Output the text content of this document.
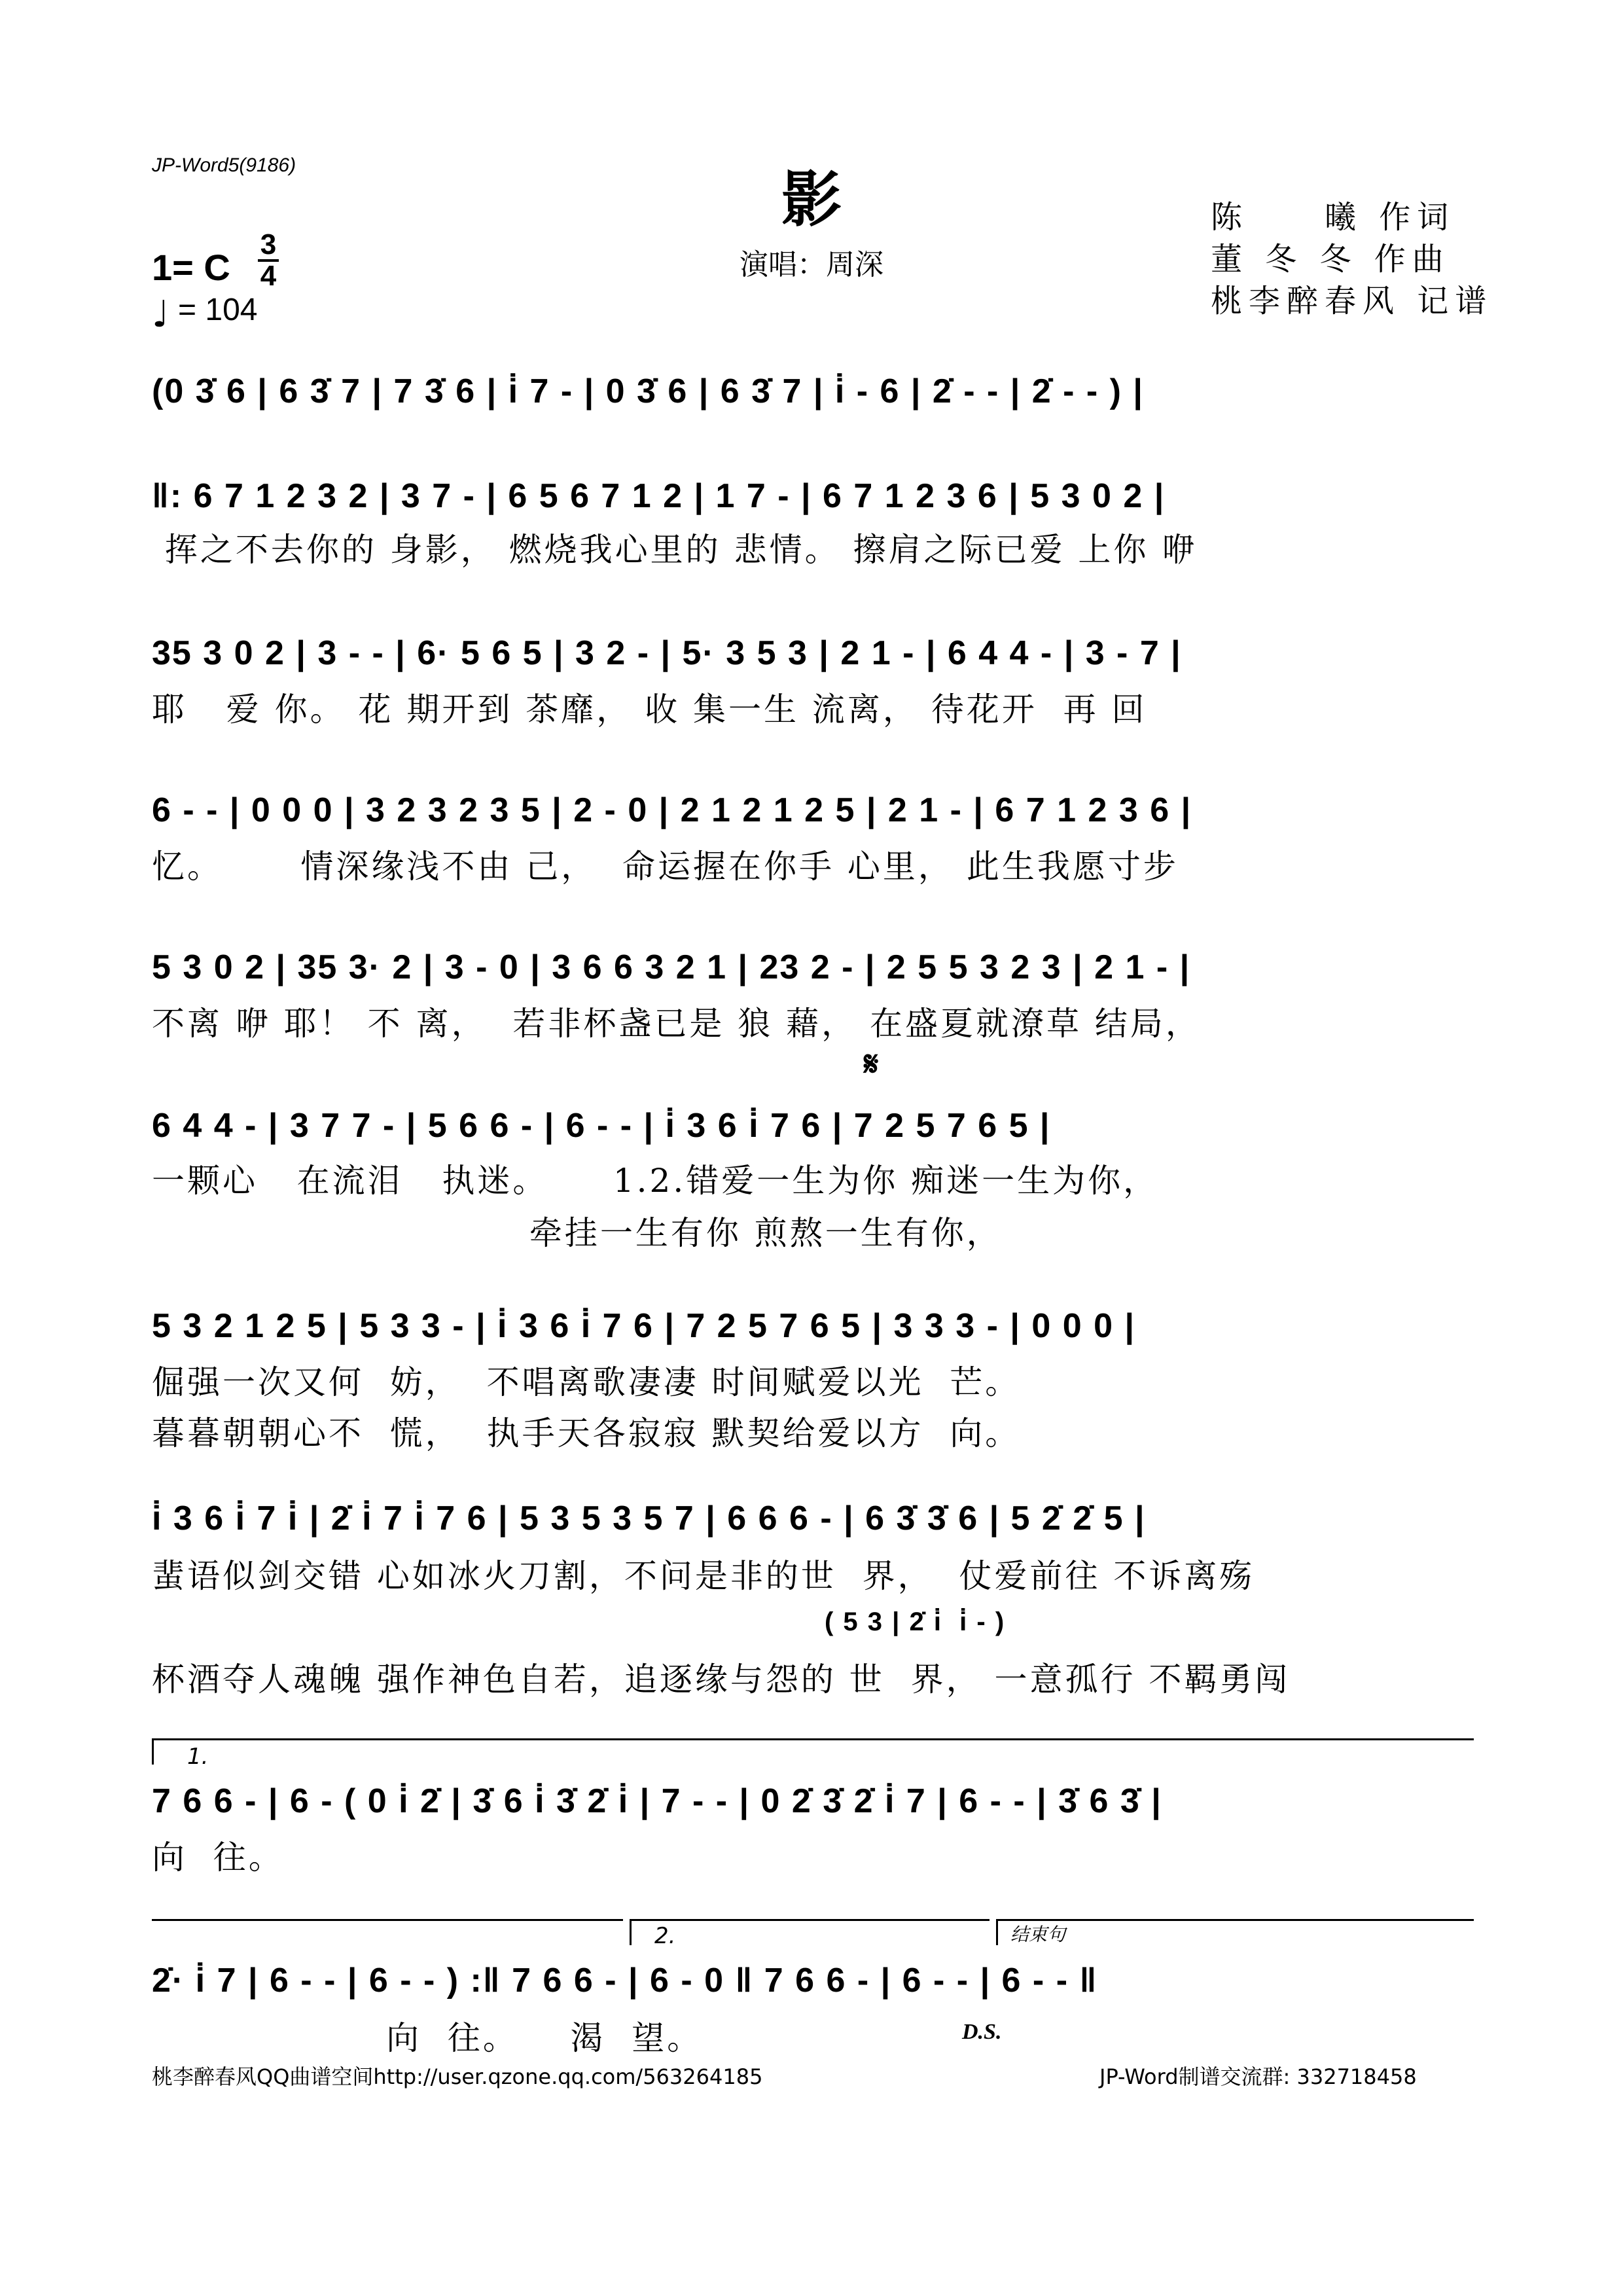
JP-Word5(9186)	影
演唱：周深
陈　　曦 作词
董 冬 冬 作曲
桃李醉春风 记谱
1= C
3
4
♩ = 104
(0 3̇ 6 | 6 3̇ 7 | 7 3̇ 6 | i̇ 7 - | 0 3̇ 6 | 6 3̇ 7 | i̇ - 6 | 2̇ - - | 2̇ - - ) |
‖: 6 7 1 2 3 2 | 3 7 - | 6 5 6 7 1 2 | 1 7 - | 6 7 1 2 3 6 | 5 3 0 2 |
挥之不去你的 身影， 燃烧我心里的 悲情。 擦肩之际已爱 上你 咿
35 3 0 2 | 3 - - | 6· 5 6 5 | 3 2 - | 5· 3 5 3 | 2 1 - | 6 4 4 - | 3 - 7 |
耶   爱 你。 花 期开到 茶靡， 收 集一生 流离， 待花开  再 回
6 - - | 0 0 0 | 3 2 3 2 3 5 | 2 - 0 | 2 1 2 1 2 5 | 2 1 - | 6 7 1 2 3 6 |
忆。      情深缘浅不由 己，  命运握在你手 心里， 此生我愿寸步
5 3 0 2 | 35 3· 2 | 3 - 0 | 3 6 6 3 2 1 | 23 2 - | 2 5 5 3 2 3 | 2 1 - |
不离 咿 耶！ 不 离，  若非杯盏已是 狼 藉， 在盛夏就潦草 结局，
𝄋
6 4 4 - | 3 7 7 - | 5 6 6 - | 6 - - | i̇ 3 6 i̇ 7 6 | 7 2 5 7 6 5 |
一颗心   在流泪   执迷。     1.2.错爱一生为你 痴迷一生为你，
牵挂一生有你 煎熬一生有你，
5 3 2 1 2 5 | 5 3 3 - | i̇ 3 6 i̇ 7 6 | 7 2 5 7 6 5 | 3 3 3 - | 0 0 0 |
倔强一次又何  妨，  不唱离歌凄凄 时间赋爱以光  芒。
暮暮朝朝心不  慌，  执手天各寂寂 默契给爱以方  向。
i̇ 3 6 i̇ 7 i̇ | 2̇ i̇ 7 i̇ 7 6 | 5 3 5 3 5 7 | 6 6 6 - | 6 3̇ 3̇ 6 | 5 2̇ 2̇ 5 |
蜚语似剑交错 心如冰火刀割，不问是非的世  界，  仗爱前往 不诉离殇
( 5 3 | 2̇ i̇  i̇ - )
杯酒夺人魂魄 强作神色自若，追逐缘与怨的 世  界， 一意孤行 不羁勇闯
1.
7 6 6 - | 6 - ( 0 i̇ 2̇ | 3̇ 6 i̇ 3̇ 2̇ i̇ | 7 - - | 0 2̇ 3̇ 2̇ i̇ 7 | 6 - - | 3̇ 6 3̇ |
向  往。
2.	结束句
2̇· i̇ 7 | 6 - - | 6 - - ) :‖ 7 6 6 - | 6 - 0 ‖ 7 6 6 - | 6 - - | 6 - - ‖
向  往。    渴  望。	D.S.
桃李醉春风QQ曲谱空间http://user.qzone.qq.com/563264185	JP-Word制谱交流群: 332718458
